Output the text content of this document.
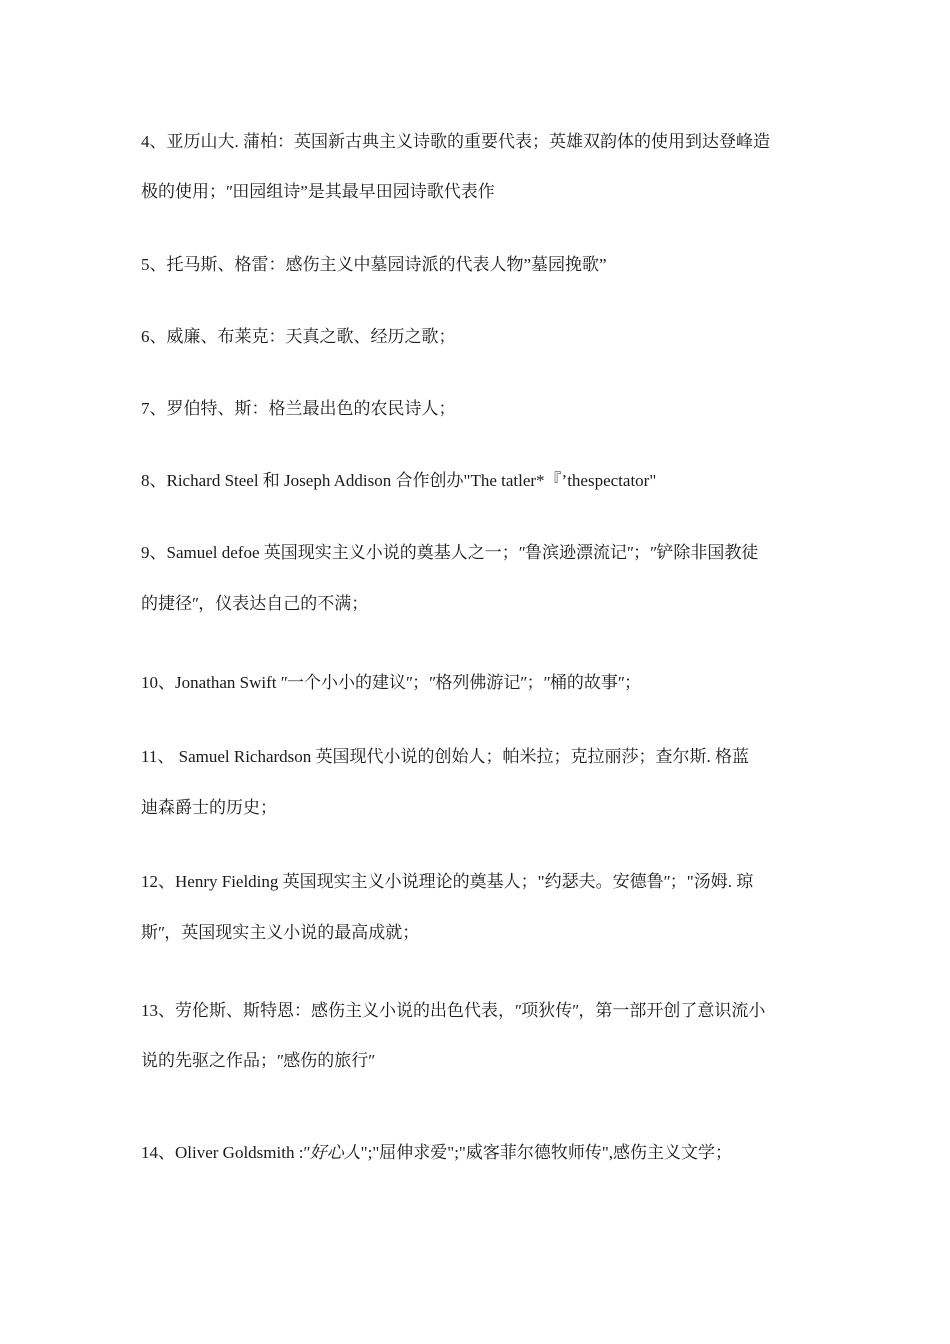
4、亚历山大. 蒲柏：英国新古典主义诗歌的重要代表；英雄双韵体的使用到达登峰造
极的使用；ʺ田园组诗”是其最早田园诗歌代表作
5、托马斯、格雷：感伤主义中墓园诗派的代表人物”墓园挽歌”
6、威廉、布莱克：天真之歌、经历之歌；
7、罗伯特、斯：格兰最出色的农民诗人；
8、Richard Steel 和 Joseph Addison 合作创办"The tatler*『’thespectator"
9、Samuel defoe 英国现实主义小说的奠基人之一；ʺ鲁滨逊漂流记ʺ；ʺ铲除非国教徒
的捷径ʺ，仪表达自己的不满；
10、Jonathan Swift ʺ一个小小的建议ʺ；ʺ格列佛游记ʺ；ʺ桶的故事ʺ；
11、 Samuel Richardson 英国现代小说的创始人；帕米拉；克拉丽莎；查尔斯. 格蓝
迪森爵士的历史；
12、Henry Fielding 英国现实主义小说理论的奠基人；"约瑟夫。安德鲁ʺ；"汤姆. 琼
斯ʺ，英国现实主义小说的最高成就；
13、劳伦斯、斯特恩：感伤主义小说的出色代表，ʺ项狄传ʺ，第一部开创了意识流小
说的先驱之作品；ʺ感伤的旅行ʺ
14、Oliver Goldsmith :ʺ好心人";"屈伸求爱";"威客菲尔德牧师传",感伤主义文学；
